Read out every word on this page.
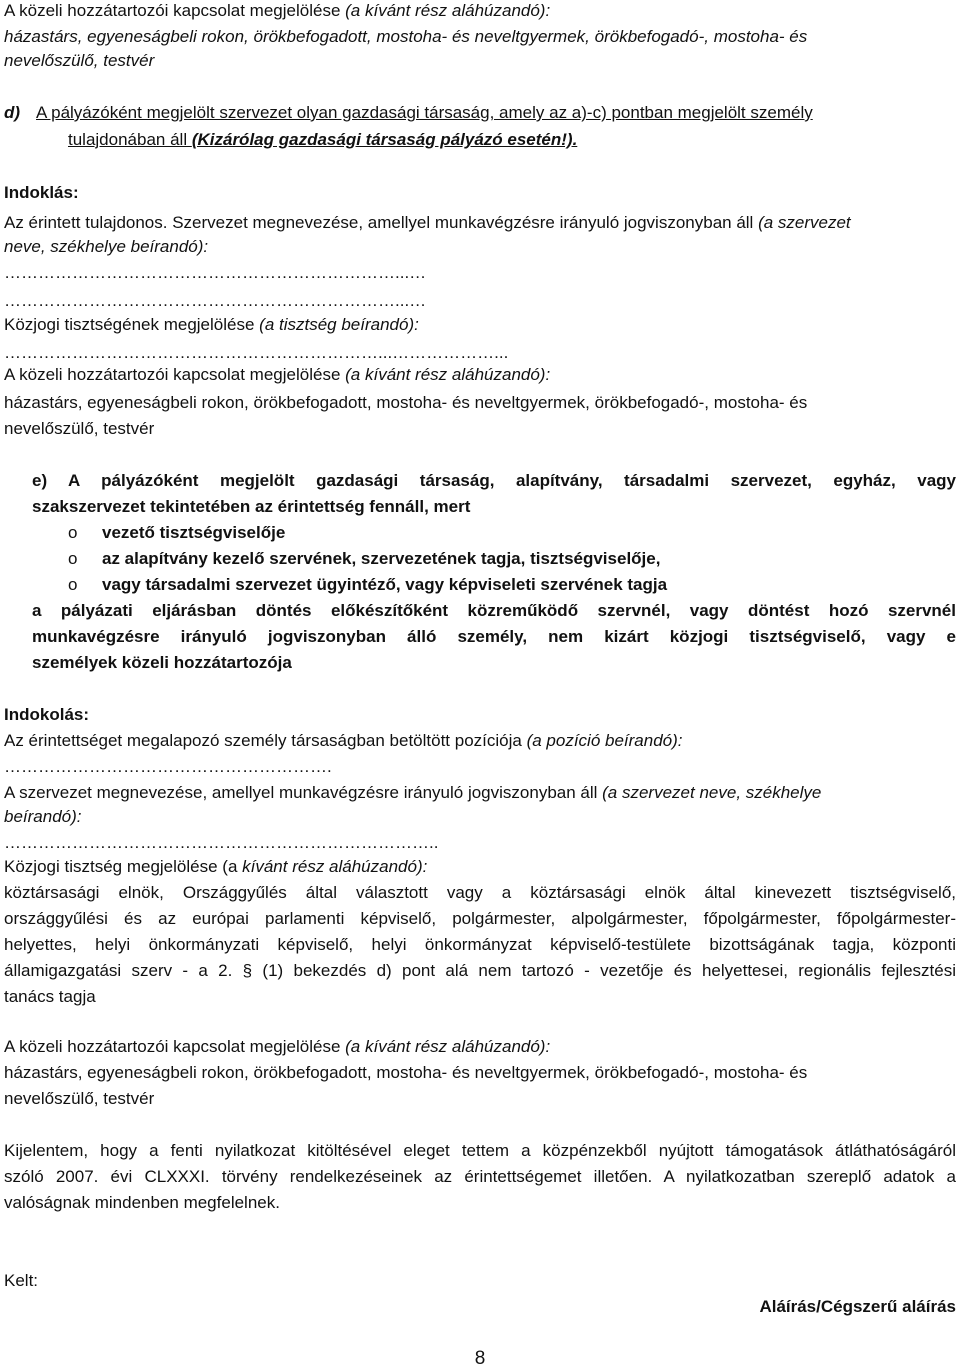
A közeli hozzátartozói kapcsolat megjelölése (a kívánt rész aláhúzandó):
házastárs, egyeneságbeli rokon, örökbefogadott, mostoha- és neveltgyermek, örökbefogadó-, mostoha- és
nevelőszülő, testvér
d) A pályázóként megjelölt szervezet olyan gazdasági társaság, amely az a)-c) pontban megjelölt személy
tulajdonában áll (Kizárólag gazdasági társaság pályázó esetén!).
Indoklás:
Az érintett tulajdonos. Szervezet megnevezése, amellyel munkavégzésre irányuló jogviszonyban áll (a szervezet
neve, székhelye beírandó):
……………………………………………………………...…
……………………………………………………………...…
Közjogi tisztségének megjelölése (a tisztség beírandó):
…………………………………………………………...………………...
A közeli hozzátartozói kapcsolat megjelölése (a kívánt rész aláhúzandó):
házastárs, egyeneságbeli rokon, örökbefogadott, mostoha- és neveltgyermek, örökbefogadó-, mostoha- és
nevelőszülő, testvér
e) A pályázóként megjelölt gazdasági társaság, alapítvány, társadalmi szervezet, egyház, vagy
szakszervezet tekintetében az érintettség fennáll, mert
o vezető tisztségviselője
o az alapítvány kezelő szervének, szervezetének tagja, tisztségviselője,
o vagy társadalmi szervezet ügyintéző, vagy képviseleti szervének tagja
a pályázati eljárásban döntés előkészítőként közreműködő szervnél, vagy döntést hozó szervnél
munkavégzésre irányuló jogviszonyban álló személy, nem kizárt közjogi tisztségviselő, vagy e
személyek közeli hozzátartozója
Indokolás:
Az érintettséget megalapozó személy társaságban betöltött pozíciója (a pozíció beírandó):
………………………………………………….
A szervezet megnevezése, amellyel munkavégzésre irányuló jogviszonyban áll (a szervezet neve, székhelye
beírandó):
…………………………………………………………………..
Közjogi tisztség megjelölése (a kívánt rész aláhúzandó):
köztársasági elnök, Országgyűlés által választott vagy a köztársasági elnök által kinevezett tisztségviselő,
országgyűlési és az európai parlamenti képviselő, polgármester, alpolgármester, főpolgármester, főpolgármester-
helyettes, helyi önkormányzati képviselő, helyi önkormányzat képviselő-testülete bizottságának tagja, központi
államigazgatási szerv - a 2. § (1) bekezdés d) pont alá nem tartozó - vezetője és helyettesei, regionális fejlesztési
tanács tagja
A közeli hozzátartozói kapcsolat megjelölése (a kívánt rész aláhúzandó):
házastárs, egyeneságbeli rokon, örökbefogadott, mostoha- és neveltgyermek, örökbefogadó-, mostoha- és
nevelőszülő, testvér
Kijelentem, hogy a fenti nyilatkozat kitöltésével eleget tettem a közpénzekből nyújtott támogatások átláthatóságáról
szóló 2007. évi CLXXXI. törvény rendelkezéseinek az érintettségemet illetően. A nyilatkozatban szereplő adatok a
valóságnak mindenben megfelelnek.
Kelt:
Aláírás/Cégszerű aláírás
8
